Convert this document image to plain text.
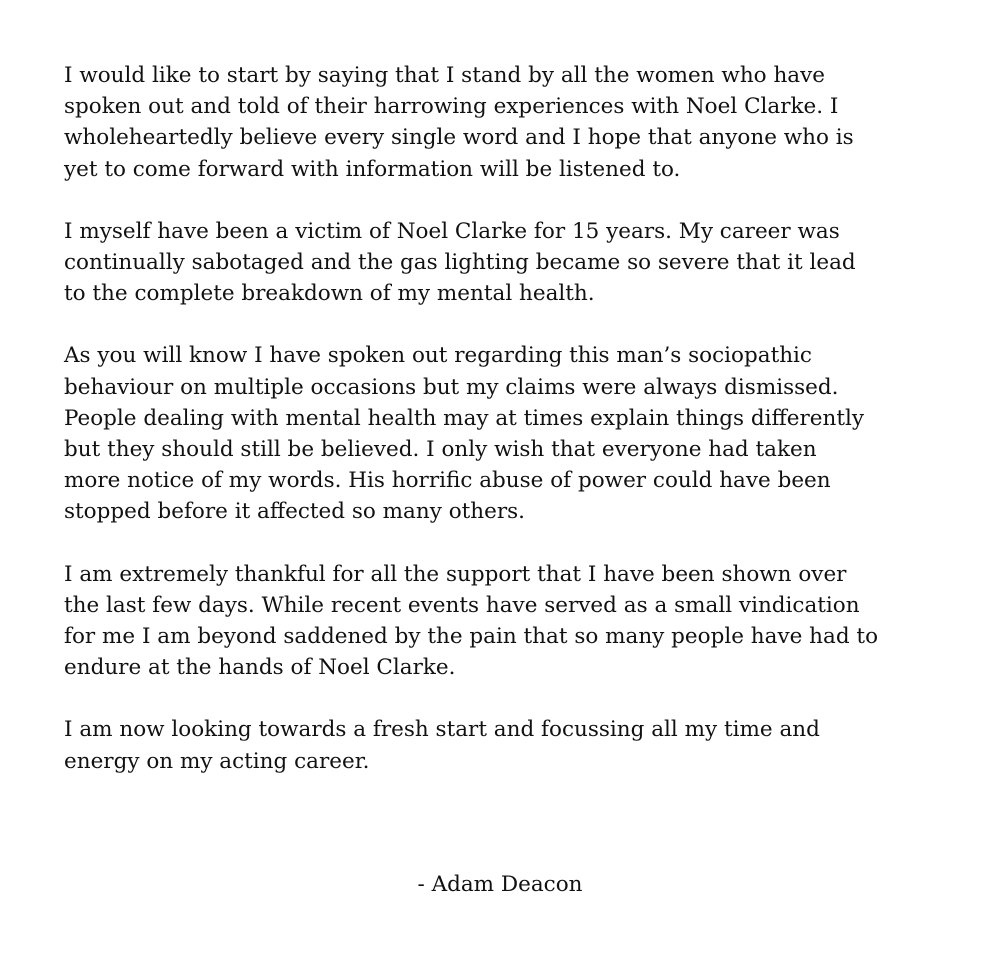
I would like to start by saying that I stand by all the women who have
spoken out and told of their harrowing experiences with Noel Clarke. I
wholeheartedly believe every single word and I hope that anyone who is
yet to come forward with information will be listened to.

I myself have been a victim of Noel Clarke for 15 years. My career was
continually sabotaged and the gas lighting became so severe that it lead
to the complete breakdown of my mental health.

As you will know I have spoken out regarding this man’s sociopathic
behaviour on multiple occasions but my claims were always dismissed.
People dealing with mental health may at times explain things differently
but they should still be believed. I only wish that everyone had taken
more notice of my words. His horrific abuse of power could have been
stopped before it affected so many others.

I am extremely thankful for all the support that I have been shown over
the last few days. While recent events have served as a small vindication
for me I am beyond saddened by the pain that so many people have had to
endure at the hands of Noel Clarke.

I am now looking towards a fresh start and focussing all my time and
energy on my acting career.

- Adam Deacon
